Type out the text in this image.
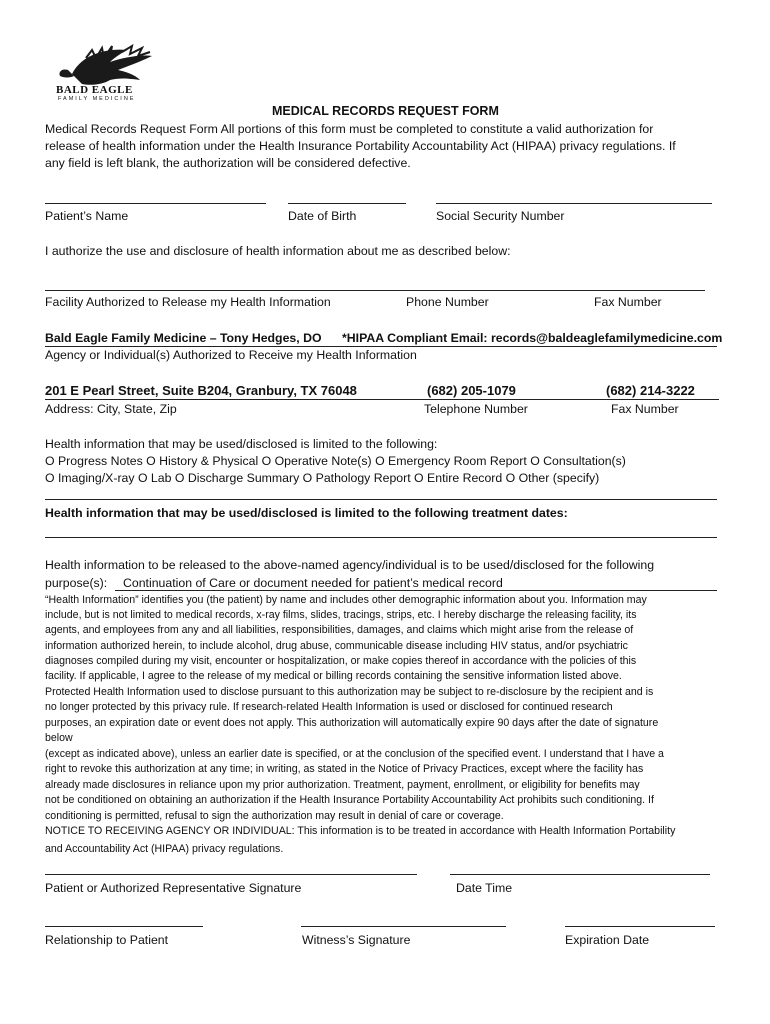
BALD EAGLE
FAMILY MEDICINE
MEDICAL RECORDS REQUEST FORM
Medical Records Request Form All portions of this form must be completed to constitute a valid authorization for
release of health information under the Health Insurance Portability Accountability Act (HIPAA) privacy regulations. If
any field is left blank, the authorization will be considered defective.
Patient’s Name	Date of Birth	Social Security Number
I authorize the use and disclosure of health information about me as described below:
Facility Authorized to Release my Health Information	Phone Number	Fax Number
Bald Eagle Family Medicine – Tony Hedges, DO *HIPAA Compliant Email: records@baldeaglefamilymedicine.com
Agency or Individual(s) Authorized to Receive my Health Information
201 E Pearl Street, Suite B204, Granbury, TX 76048	(682) 205-1079	(682) 214-3222
Address: City, State, Zip	Telephone Number	Fax Number
Health information that may be used/disclosed is limited to the following:
O Progress Notes O History & Physical O Operative Note(s) O Emergency Room Report O Consultation(s)
O Imaging/X-ray O Lab O Discharge Summary O Pathology Report O Entire Record O Other (specify)
Health information that may be used/disclosed is limited to the following treatment dates:
Health information to be released to the above-named agency/individual is to be used/disclosed for the following
purpose(s): Continuation of Care or document needed for patient’s medical record
“Health Information” identifies you (the patient) by name and includes other demographic information about you. Information may
include, but is not limited to medical records, x-ray films, slides, tracings, strips, etc. I hereby discharge the releasing facility, its
agents, and employees from any and all liabilities, responsibilities, damages, and claims which might arise from the release of
information authorized herein, to include alcohol, drug abuse, communicable disease including HIV status, and/or psychiatric
diagnoses compiled during my visit, encounter or hospitalization, or make copies thereof in accordance with the policies of this
facility. If applicable, I agree to the release of my medical or billing records containing the sensitive information listed above.
Protected Health Information used to disclose pursuant to this authorization may be subject to re-disclosure by the recipient and is
no longer protected by this privacy rule. If research-related Health Information is used or disclosed for continued research
purposes, an expiration date or event does not apply. This authorization will automatically expire 90 days after the date of signature
below
(except as indicated above), unless an earlier date is specified, or at the conclusion of the specified event. I understand that I have a
right to revoke this authorization at any time; in writing, as stated in the Notice of Privacy Practices, except where the facility has
already made disclosures in reliance upon my prior authorization. Treatment, payment, enrollment, or eligibility for benefits may
not be conditioned on obtaining an authorization if the Health Insurance Portability Accountability Act prohibits such conditioning. If
conditioning is permitted, refusal to sign the authorization may result in denial of care or coverage.
NOTICE TO RECEIVING AGENCY OR INDIVIDUAL: This information is to be treated in accordance with Health Information Portability
and Accountability Act (HIPAA) privacy regulations.
Patient or Authorized Representative Signature	Date Time
Relationship to Patient	Witness’s Signature	Expiration Date
